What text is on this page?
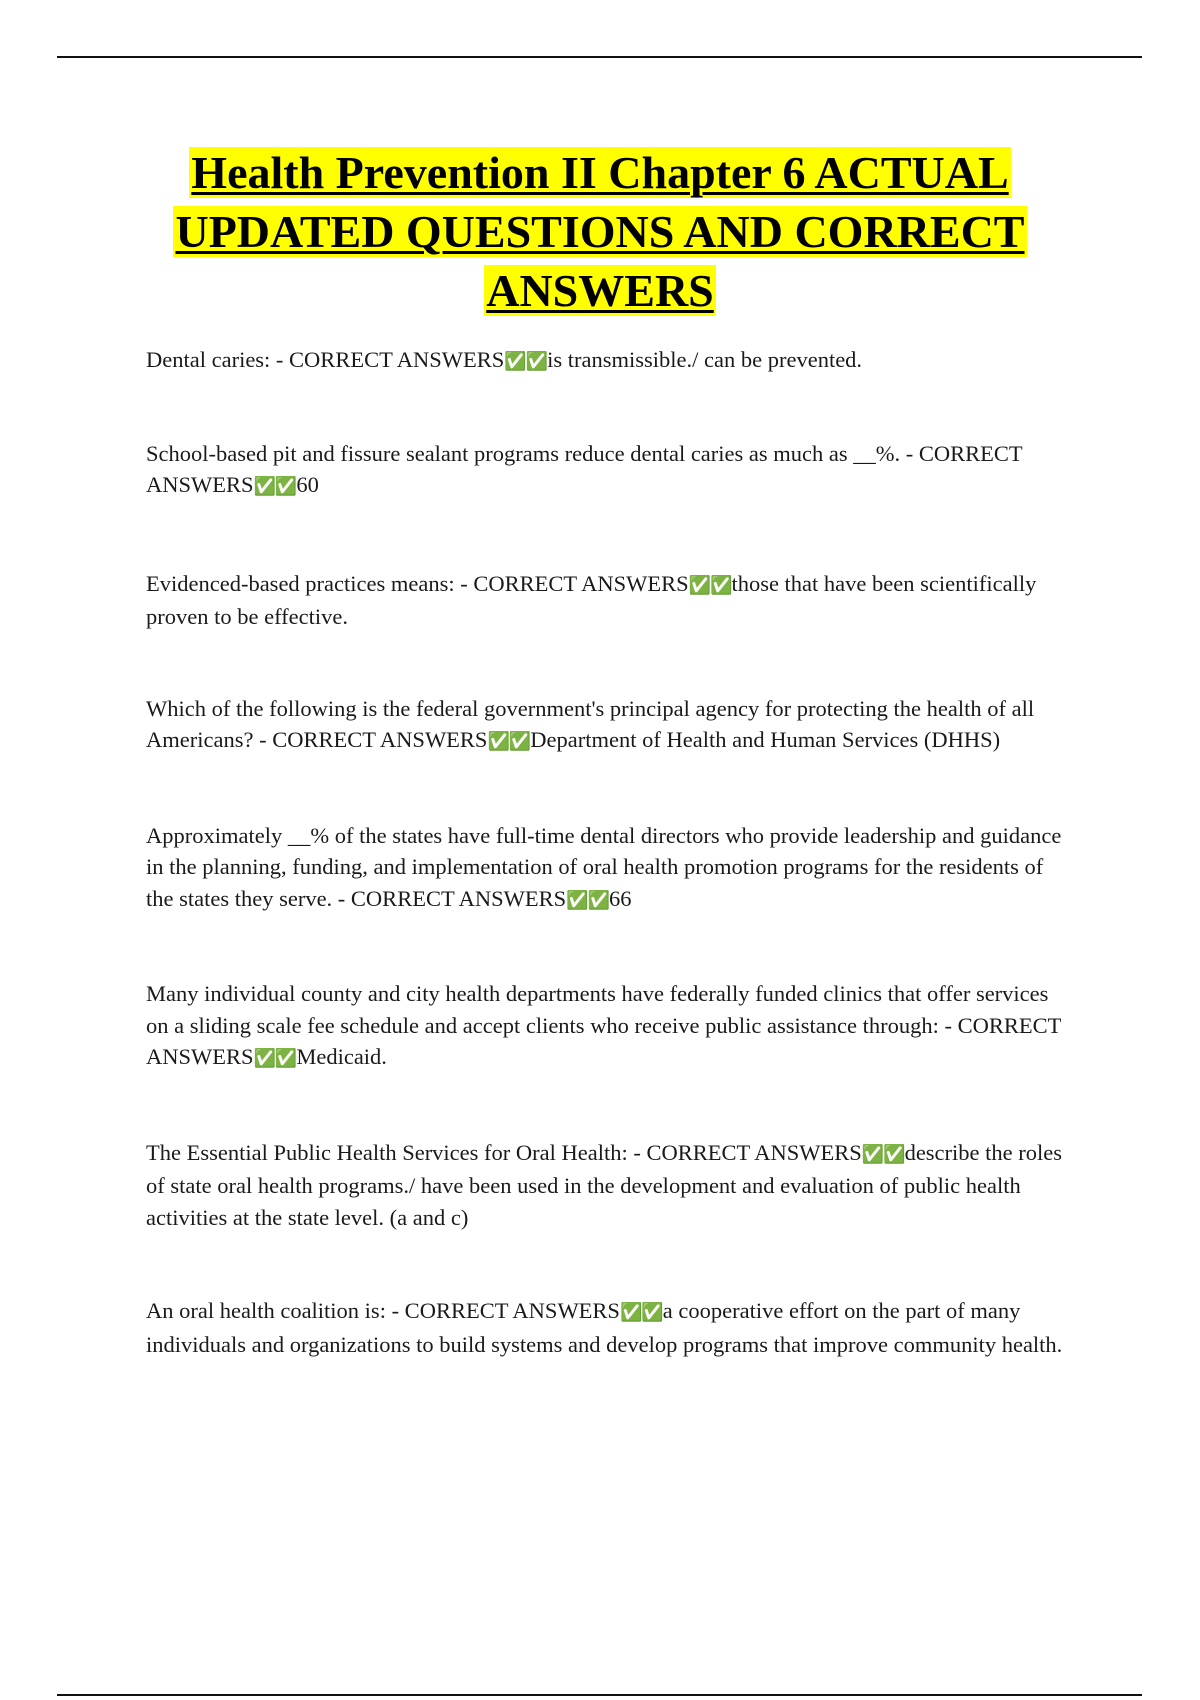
Health Prevention II Chapter 6 ACTUAL
UPDATED QUESTIONS AND CORRECT
ANSWERS

Dental caries: - CORRECT ANSWERS✅✅is transmissible./ can be prevented.

School-based pit and fissure sealant programs reduce dental caries as much as __%. - CORRECT ANSWERS✅✅60

Evidenced-based practices means: - CORRECT ANSWERS✅✅those that have been scientifically proven to be effective.

Which of the following is the federal government's principal agency for protecting the health of all Americans? - CORRECT ANSWERS✅✅Department of Health and Human Services (DHHS)

Approximately __% of the states have full-time dental directors who provide leadership and guidance in the planning, funding, and implementation of oral health promotion programs for the residents of the states they serve. - CORRECT ANSWERS✅✅66

Many individual county and city health departments have federally funded clinics that offer services on a sliding scale fee schedule and accept clients who receive public assistance through: - CORRECT ANSWERS✅✅Medicaid.

The Essential Public Health Services for Oral Health: - CORRECT ANSWERS✅✅describe the roles of state oral health programs./ have been used in the development and evaluation of public health activities at the state level. (a and c)

An oral health coalition is: - CORRECT ANSWERS✅✅a cooperative effort on the part of many individuals and organizations to build systems and develop programs that improve community health.
